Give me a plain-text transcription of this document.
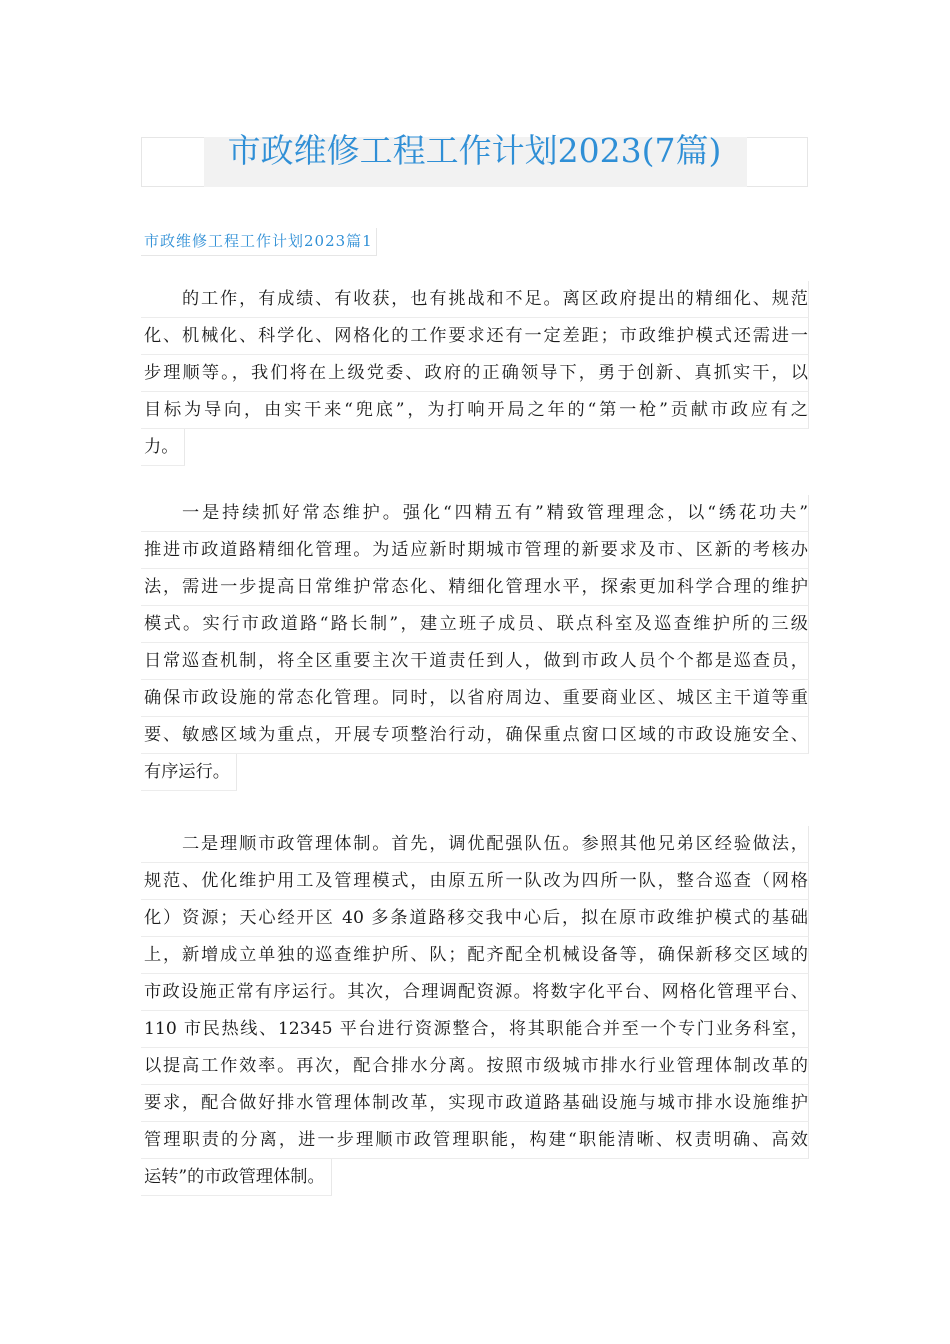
市政维修工程工作计划2023(7篇)
市政维修工程工作计划2023篇1
的工作，有成绩、有收获，也有挑战和不足。离区政府提出的精细化、规范
化、机械化、科学化、网格化的工作要求还有一定差距；市政维护模式还需进一
步理顺等。，我们将在上级党委、政府的正确领导下，勇于创新、真抓实干，以
目标为导向，由实干来“兜底”，为打响开局之年的“第一枪”贡献市政应有之
力。

一是持续抓好常态维护。强化“四精五有”精致管理理念，以“绣花功夫”
推进市政道路精细化管理。为适应新时期城市管理的新要求及市、区新的考核办
法，需进一步提高日常维护常态化、精细化管理水平，探索更加科学合理的维护
模式。实行市政道路“路长制”，建立班子成员、联点科室及巡查维护所的三级
日常巡查机制，将全区重要主次干道责任到人，做到市政人员个个都是巡查员，
确保市政设施的常态化管理。同时，以省府周边、重要商业区、城区主干道等重
要、敏感区域为重点，开展专项整治行动，确保重点窗口区域的市政设施安全、
有序运行。

二是理顺市政管理体制。首先，调优配强队伍。参照其他兄弟区经验做法，
规范、优化维护用工及管理模式，由原五所一队改为四所一队，整合巡查（网格
化）资源；天心经开区 40 多条道路移交我中心后，拟在原市政维护模式的基础
上，新增成立单独的巡查维护所、队；配齐配全机械设备等，确保新移交区域的
市政设施正常有序运行。其次，合理调配资源。将数字化平台、网格化管理平台、
110 市民热线、12345 平台进行资源整合，将其职能合并至一个专门业务科室，
以提高工作效率。再次，配合排水分离。按照市级城市排水行业管理体制改革的
要求，配合做好排水管理体制改革，实现市政道路基础设施与城市排水设施维护
管理职责的分离，进一步理顺市政管理职能，构建“职能清晰、权责明确、高效
运转”的市政管理体制。
